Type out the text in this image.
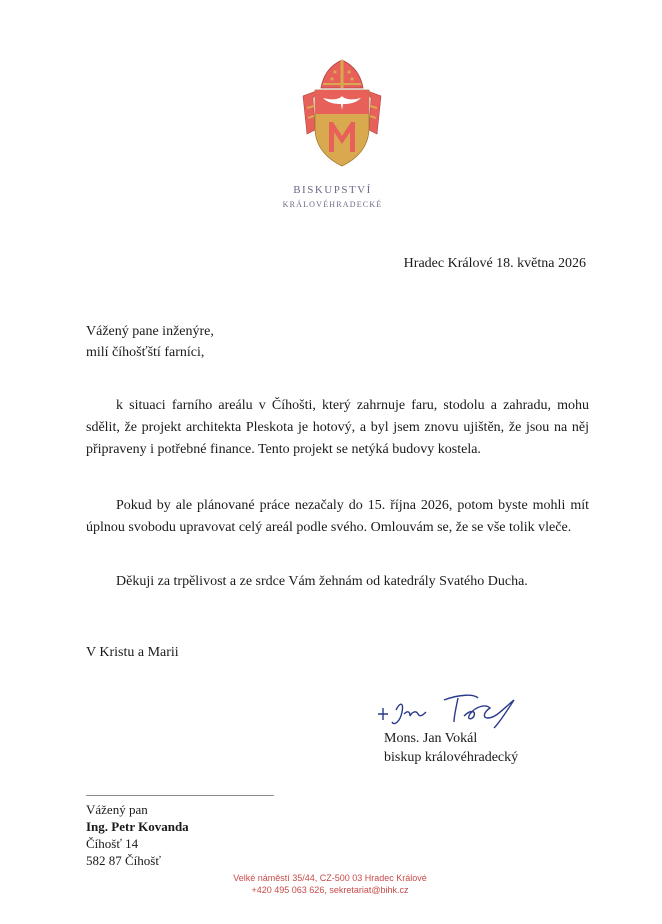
BISKUPSTVÍ
KRÁLOVÉHRADECKÉ
Hradec Králové 18. května 2026
Vážený pane inženýre,
milí číhošťští farníci,
k situaci farního areálu v Číhošti, který zahrnuje faru, stodolu a zahradu, mohu sdělit, že projekt architekta Pleskota je hotový, a byl jsem znovu ujištěn, že jsou na něj připraveny i potřebné finance. Tento projekt se netýká budovy kostela.
Pokud by ale plánované práce nezačaly do 15. října 2026, potom byste mohli mít úplnou svobodu upravovat celý areál podle svého. Omlouvám se, že se vše tolik vleče.
Děkuji za trpělivost a ze srdce Vám žehnám od katedrály Svatého Ducha.
V Kristu a Marii
Mons. Jan Vokál
biskup královéhradecký
Vážený pan
Ing. Petr Kovanda
Číhošť 14
582 87 Číhošť
Velké náměstí 35/44, CZ-500 03 Hradec Králové
+420 495 063 626, sekretariat@bihk.cz
